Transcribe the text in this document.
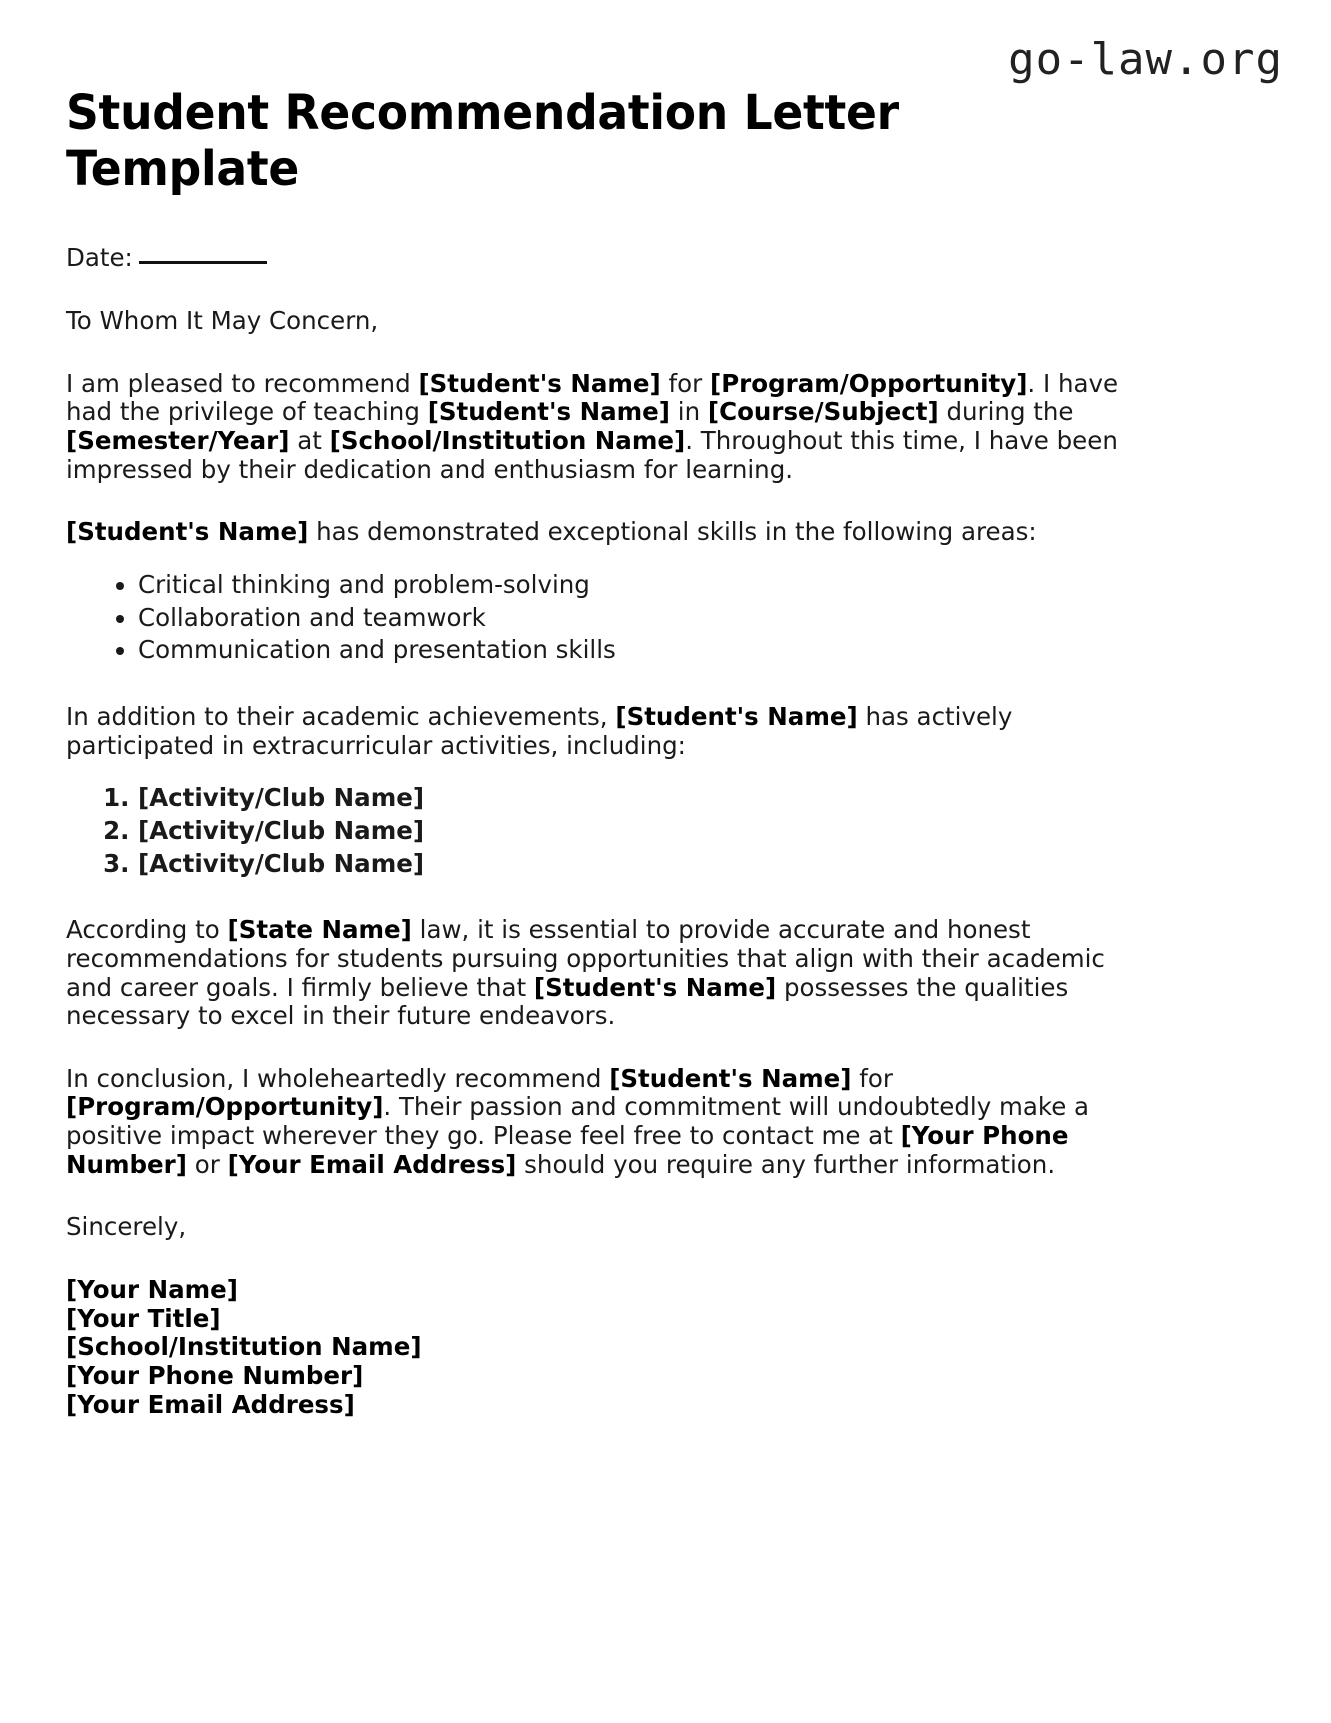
go-law.org
Student Recommendation Letter Template

Date:

To Whom It May Concern,

I am pleased to recommend [Student's Name] for [Program/Opportunity]. I have had the privilege of teaching [Student's Name] in [Course/Subject] during the [Semester/Year] at [School/Institution Name]. Throughout this time, I have been impressed by their dedication and enthusiasm for learning.

[Student's Name] has demonstrated exceptional skills in the following areas:

• Critical thinking and problem-solving
• Collaboration and teamwork
• Communication and presentation skills

In addition to their academic achievements, [Student's Name] has actively participated in extracurricular activities, including:

1. [Activity/Club Name]
2. [Activity/Club Name]
3. [Activity/Club Name]

According to [State Name] law, it is essential to provide accurate and honest recommendations for students pursuing opportunities that align with their academic and career goals. I firmly believe that [Student's Name] possesses the qualities necessary to excel in their future endeavors.

In conclusion, I wholeheartedly recommend [Student's Name] for [Program/Opportunity]. Their passion and commitment will undoubtedly make a positive impact wherever they go. Please feel free to contact me at [Your Phone Number] or [Your Email Address] should you require any further information.

Sincerely,

[Your Name]
[Your Title]
[School/Institution Name]
[Your Phone Number]
[Your Email Address]
